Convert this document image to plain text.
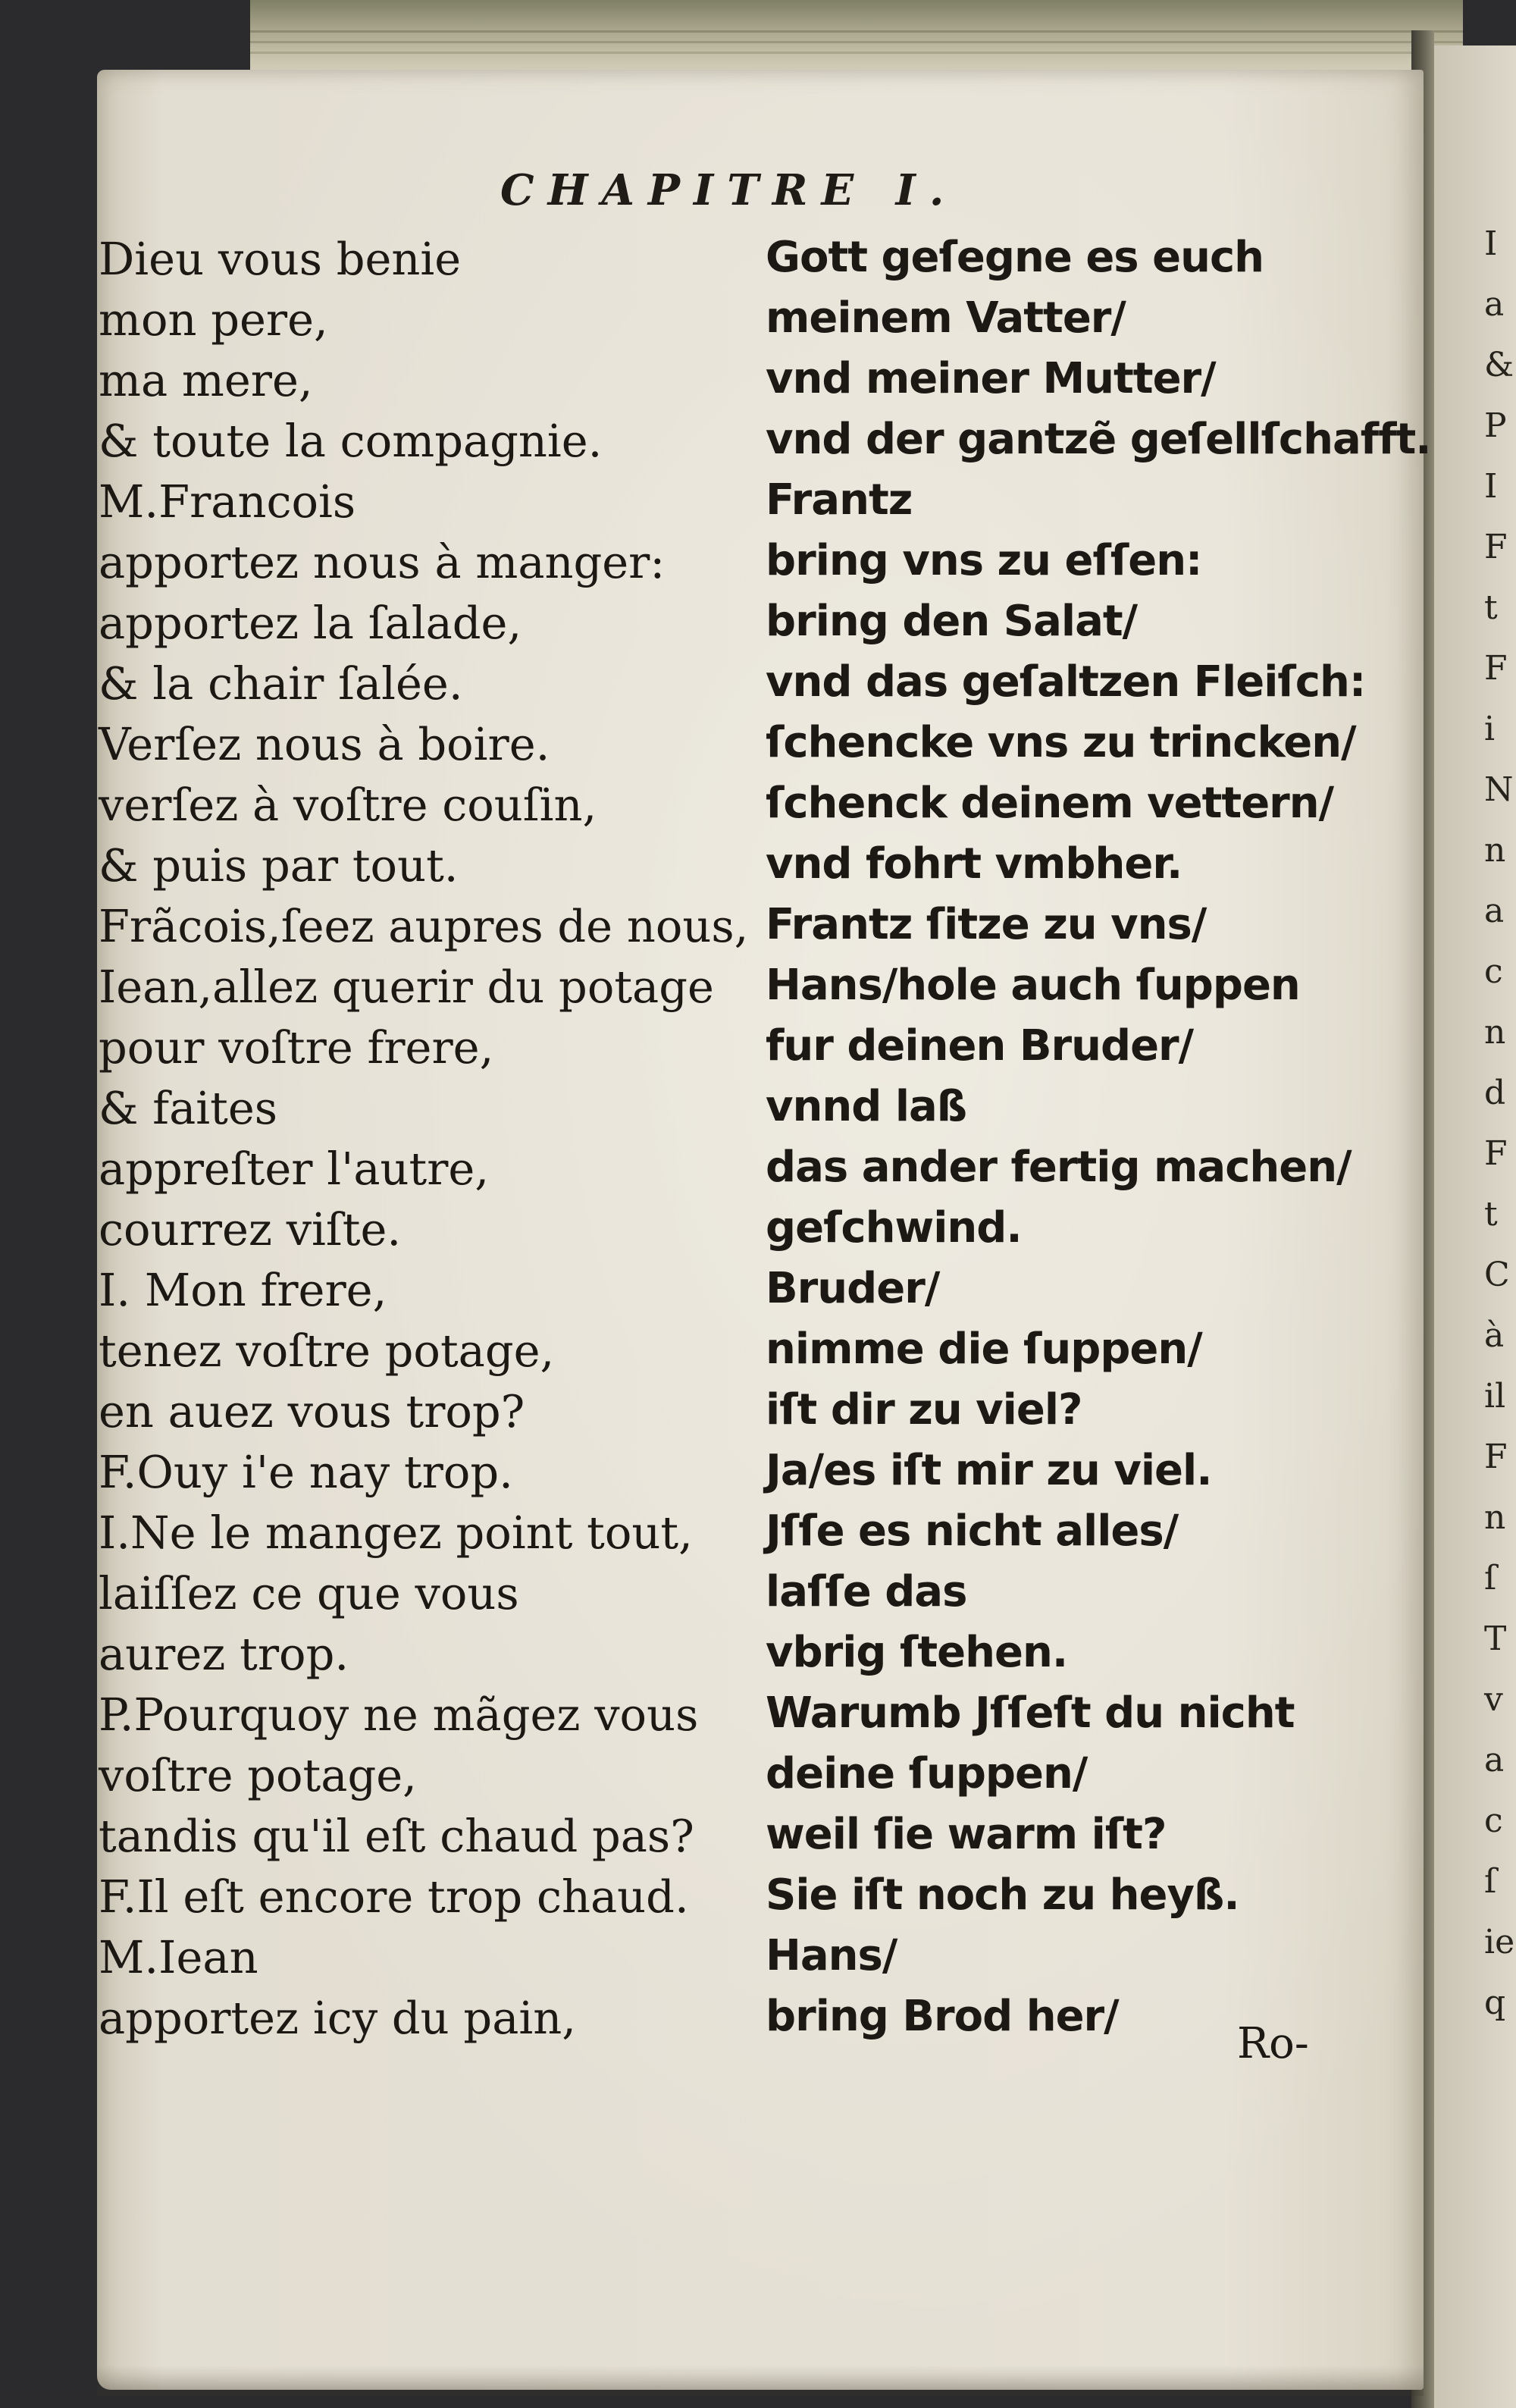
CHAPITRE I.
Dieu vous benie
mon pere,
ma mere,
& toute la compagnie.
M.Francois
apportez nous à manger:
apportez la ſalade,
& la chair ſalée.
Verſez nous à boire.
verſez à voſtre couſin,
& puis par tout.
Frãcois,ſeez aupres de nous,
Iean,allez querir du potage
pour voſtre frere,
& faites
appreſter l'autre,
courrez viſte.
I. Mon frere,
tenez voſtre potage,
en auez vous trop?
F.Ouy i'e nay trop.
I.Ne le mangez point tout,
laiſſez ce que vous
aurez trop.
P.Pourquoy ne mãgez vous
voſtre potage,
tandis qu'il eſt chaud pas?
F.Il eſt encore trop chaud.
M.Iean
apportez icy du pain,
Gott geſegne es euch
meinem Vatter/
vnd meiner Mutter/
vnd der gantzẽ geſellſchafft.
Frantz
bring vns zu eſſen:
bring den Salat/
vnd das geſaltzen Fleiſch:
ſchencke vns zu trincken/
ſchenck deinem vettern/
vnd fohrt vmbher.
Frantz ſitze zu vns/
Hans/hole auch ſuppen
fur deinen Bruder/
vnnd laß
das ander fertig machen/
geſchwind.
Bruder/
nimme die ſuppen/
iſt dir zu viel?
Ja/es iſt mir zu viel.
Jſſe es nicht alles/
laſſe das
vbrig ſtehen.
Warumb Jſſeſt du nicht
deine ſuppen/
weil ſie warm iſt?
Sie iſt noch zu heyß.
Hans/
bring Brod her/
Ro-
I
a
&
P
I
F
t
F
i
N
n
a
c
n
d
F
t
C
à
il
F
n
ſ
T
v
a
c
ſ
ie
q
